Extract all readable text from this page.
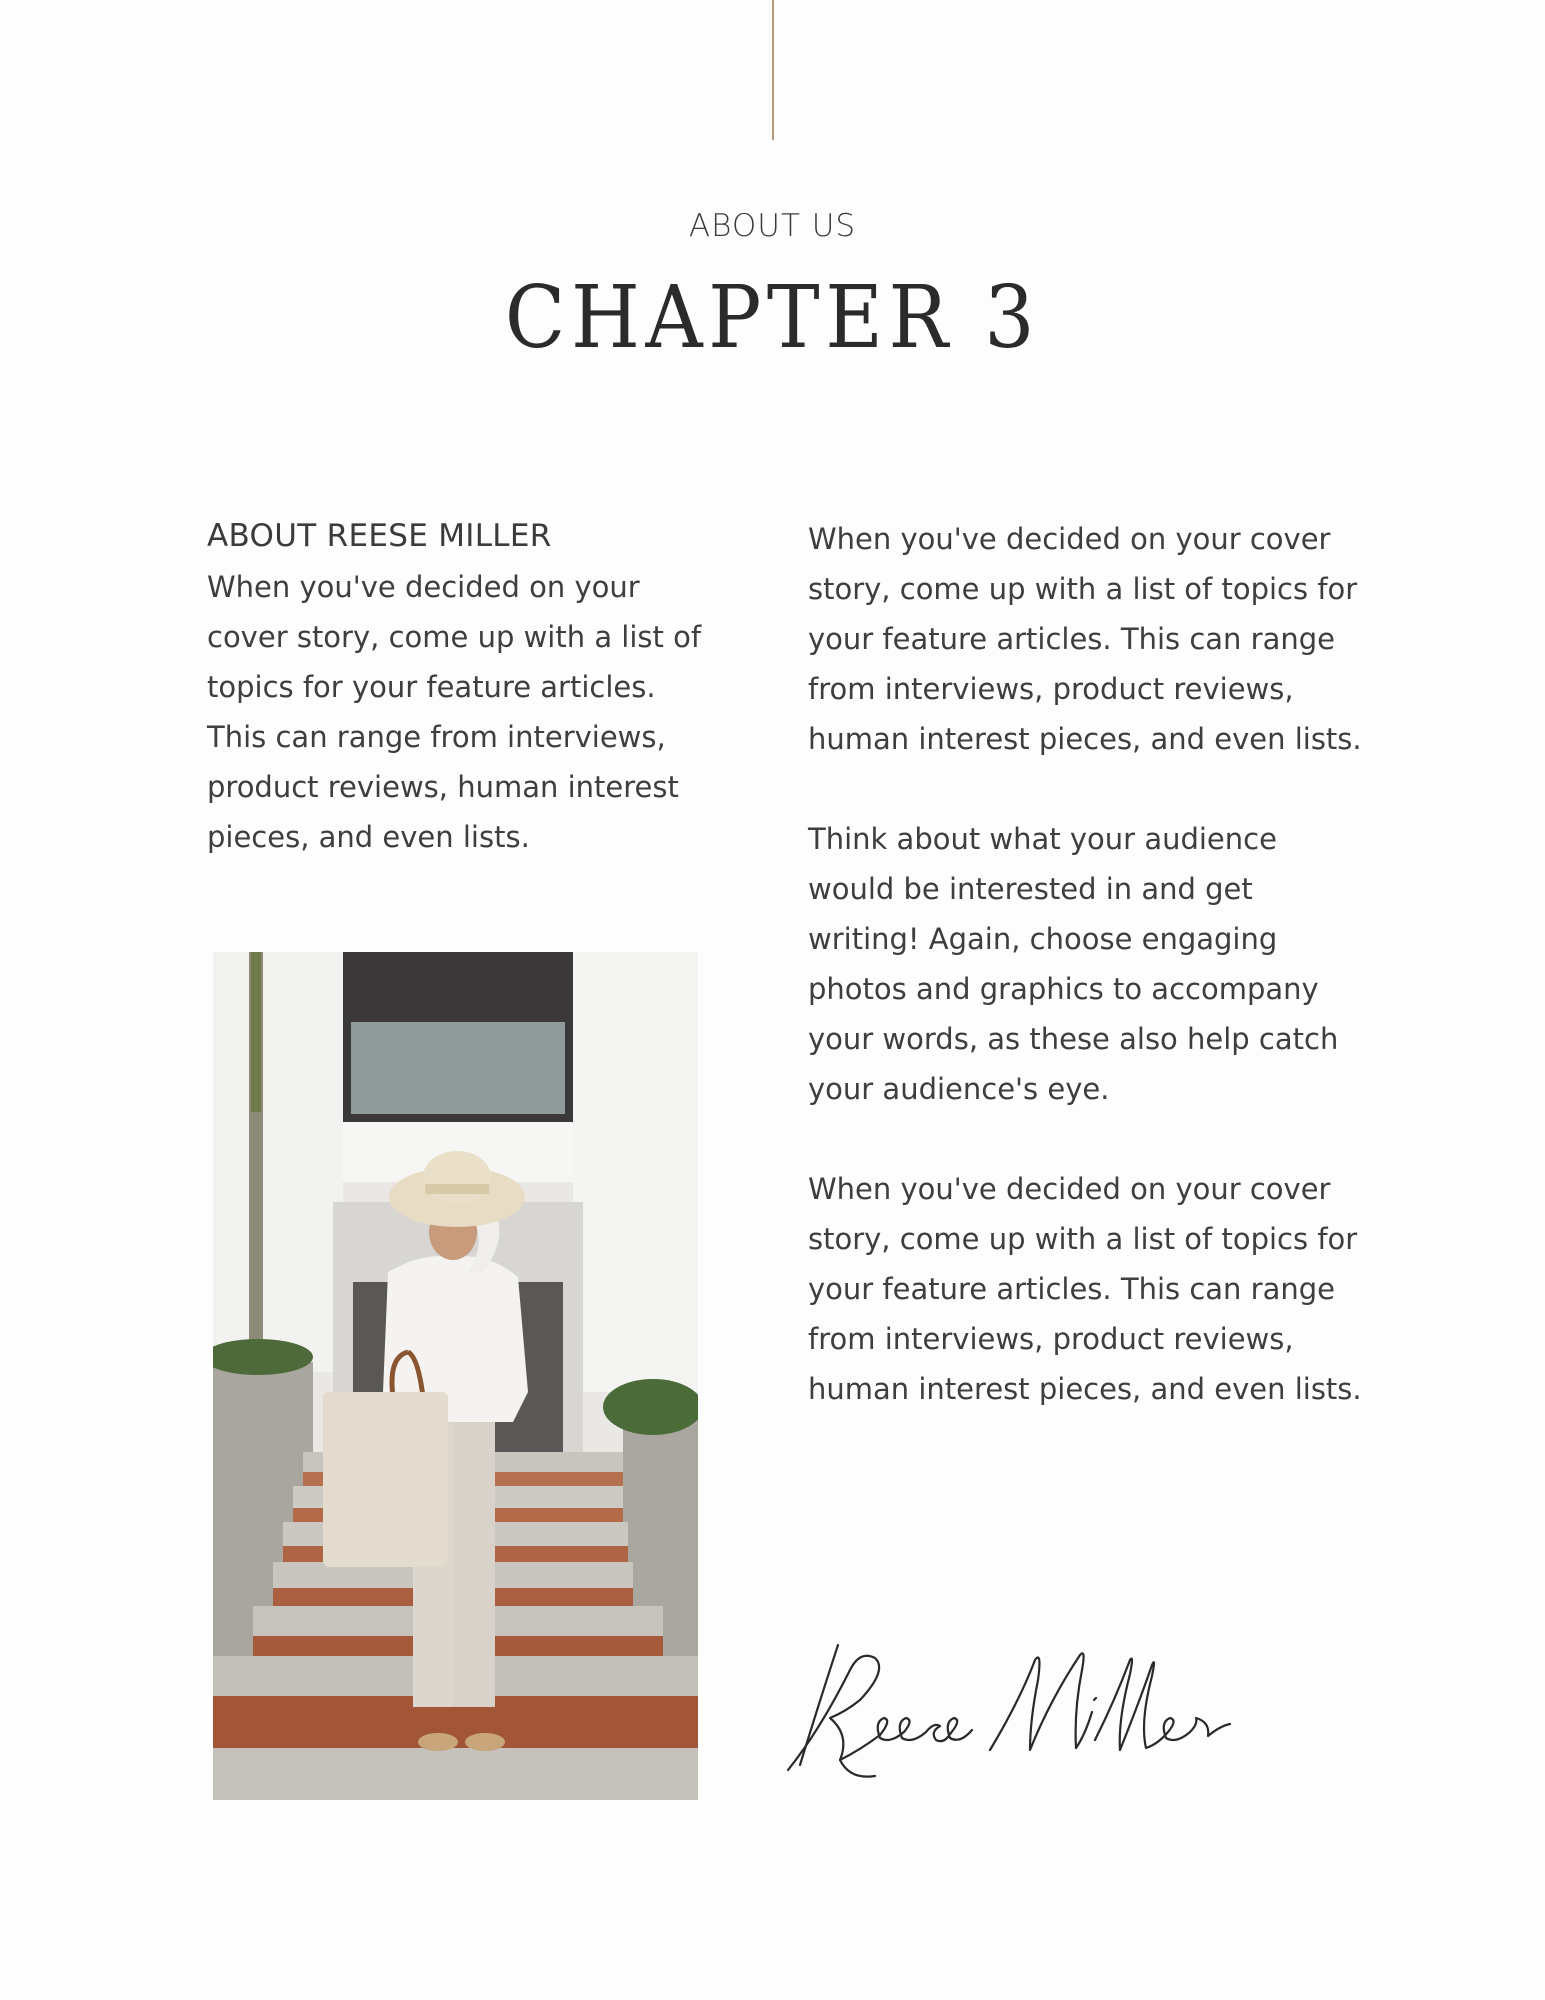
ABOUT US
CHAPTER 3
ABOUT REESE MILLER

When you've decided on your cover story, come up with a list of topics for your feature articles. This can range from interviews, product reviews, human interest pieces, and even lists.

When you've decided on your cover story, come up with a list of topics for your feature articles. This can range from interviews, product reviews, human interest pieces, and even lists.

Think about what your audience would be interested in and get writing! Again, choose engaging photos and graphics to accompany your words, as these also help catch your audience's eye.

When you've decided on your cover story, come up with a list of topics for your feature articles. This can range from interviews, product reviews, human interest pieces, and even lists.
